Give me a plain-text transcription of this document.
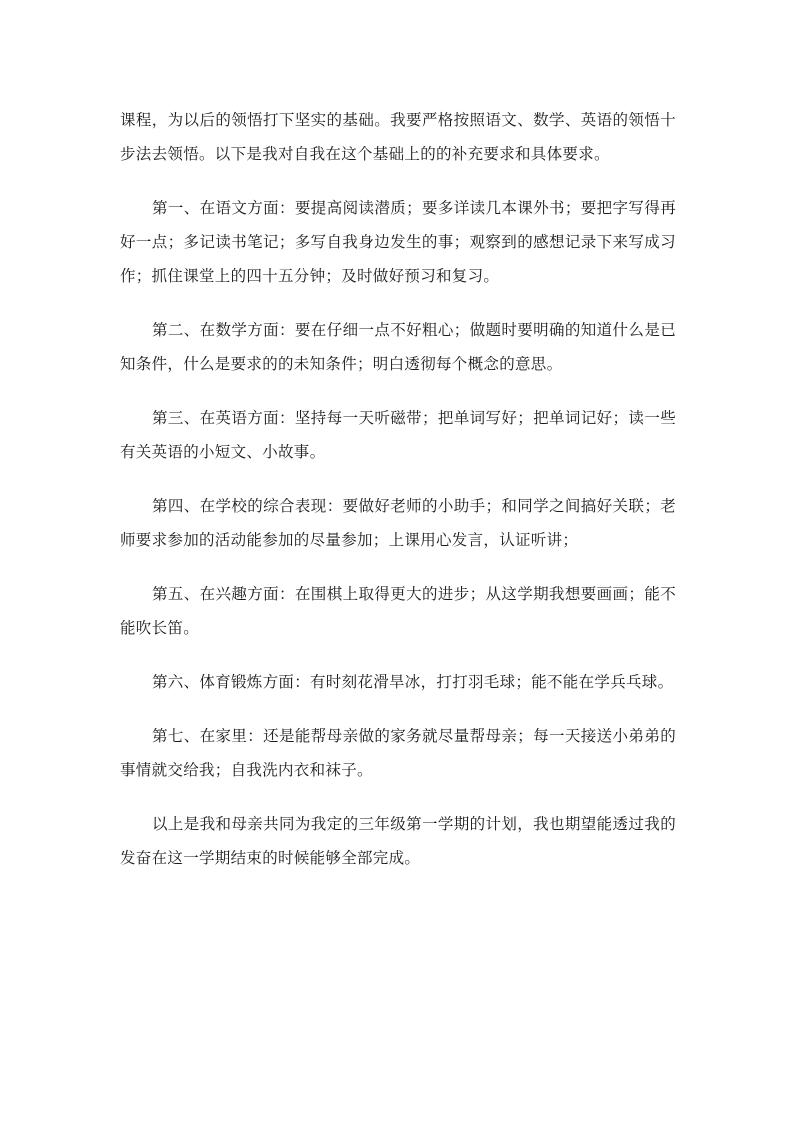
课程，为以后的领悟打下坚实的基础。我要严格按照语文、数学、英语的领悟十步法去领悟。以下是我对自我在这个基础上的的补充要求和具体要求。

第一、在语文方面：要提高阅读潜质；要多详读几本课外书；要把字写得再好一点；多记读书笔记；多写自我身边发生的事；观察到的感想记录下来写成习作；抓住课堂上的四十五分钟；及时做好预习和复习。

第二、在数学方面：要在仔细一点不好粗心；做题时要明确的知道什么是已知条件，什么是要求的的未知条件；明白透彻每个概念的意思。

第三、在英语方面：坚持每一天听磁带；把单词写好；把单词记好；读一些有关英语的小短文、小故事。

第四、在学校的综合表现：要做好老师的小助手；和同学之间搞好关联；老师要求参加的活动能参加的尽量参加；上课用心发言，认证听讲；

第五、在兴趣方面：在围棋上取得更大的进步；从这学期我想要画画；能不能吹长笛。

第六、体育锻炼方面：有时刻花滑旱冰，打打羽毛球；能不能在学兵乓球。

第七、在家里：还是能帮母亲做的家务就尽量帮母亲；每一天接送小弟弟的事情就交给我；自我洗内衣和袜子。

以上是我和母亲共同为我定的三年级第一学期的计划，我也期望能透过我的发奋在这一学期结束的时候能够全部完成。
